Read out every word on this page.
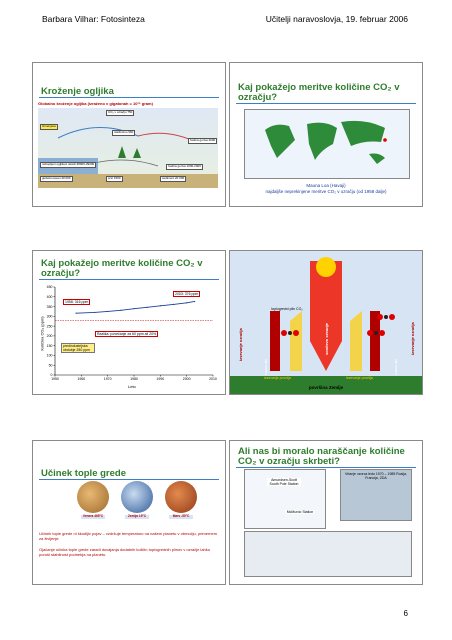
Barbara Vilhar: Fotosinteza	Učitelji naravoslovja, 19. februar 2006
Kroženje ogljika
Globalno kroženje ogljika (izraženo v gigatonah = 10¹⁵ gram)
CO₂ v ozračju 750
Izmenjava
rastlinstvo 560
fosilna goriva 4000
raztopljeni ogljikovi oksidi 38000-39000
globoki ocean 40 000	prst 1500	sediment 20 000
fosilna goriva 1000-2000
Kaj pokažejo meritve količine CO₂ v ozračju?
Mauna Loa (Havaji)
najdaljše neprekinjene meritve CO₂ v ozračju (od 1958 dalje)
Kaj pokažejo meritve količine CO₂ v ozračju?
Količina CO₂ (ppm)
0
50
100
150
200
250
300
350
400
450
1950	1960	1970	1980	1990	2000	2010
Leto
1958: 316 ppm
2003: 376 ppm
Razlika: povečanje za 60 ppm ali 20%
predindustrijska obdobje 280 ppm	izsevanje ozračja	sončevo sevanje	izsevanje ozračja
toplogredni plin CO₂
toplota (IR)	toplota (IR)
izsevanje površja	izsevanje površja
površina Zemlje
Učinek tople grede
Venera 465°C	Zemlja 15°C	Mars -50°C
Učinek tople grede ni škodljiv pojav – vzdržuje temperaturo na našem planetu v območju, primernem za življenje
Ojačanje učinka tople grede zaradi dovajanja dodatnih količin toplogrednih plinov v ozračje lahko poruši stabilnost podnebja na planetu.
Ali nas bi moralo naraščanje količine CO₂ v ozračju skrbeti?
Amundsen-Scott South Pole Station
McMurdo Station
Vrtanje vzorca ledu 1970 – 1985 Rusija, Francija, ZDA
6
